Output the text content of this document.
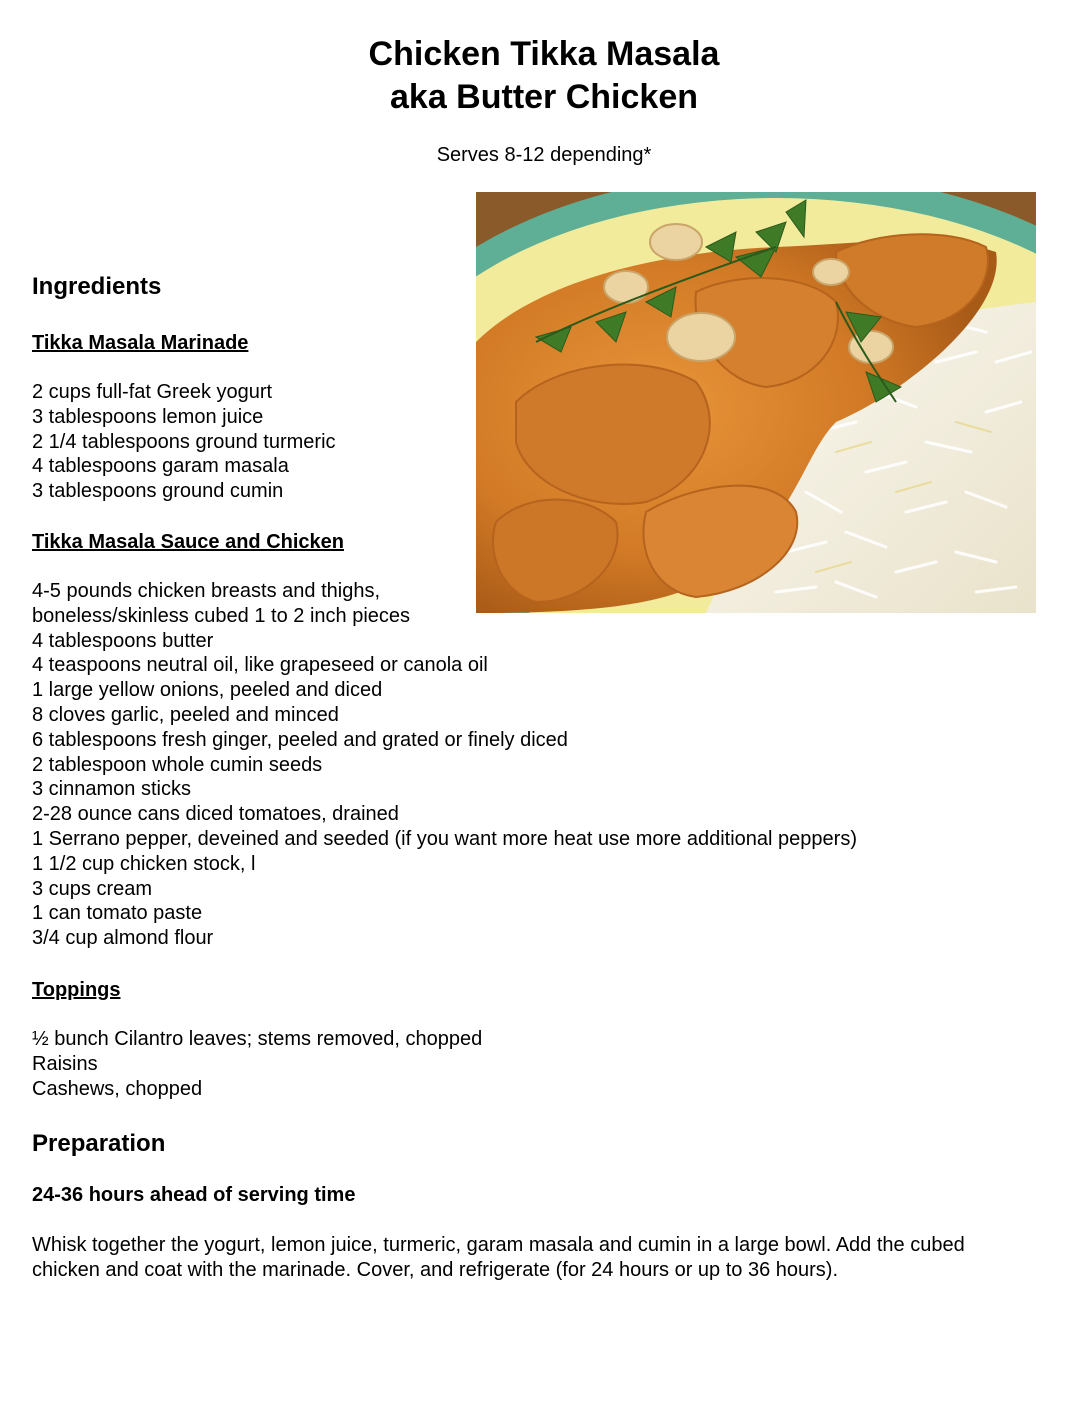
Chicken Tikka Masala
aka Butter Chicken
Serves 8-12 depending*
Ingredients
Tikka Masala Marinade
2 cups full-fat Greek yogurt
3 tablespoons lemon juice
2 1/4 tablespoons ground turmeric
4 tablespoons garam masala
3 tablespoons ground cumin
Tikka Masala Sauce and Chicken
4-5 pounds chicken breasts and thighs,
boneless/skinless cubed 1 to 2 inch pieces
4 tablespoons butter
4 teaspoons neutral oil, like grapeseed or canola oil
1 large yellow onions, peeled and diced
8 cloves garlic, peeled and minced
6 tablespoons fresh ginger, peeled and grated or finely diced
2 tablespoon whole cumin seeds
3 cinnamon sticks
2-28 ounce cans diced tomatoes, drained
1 Serrano pepper, deveined and seeded (if you want more heat use more additional peppers)
1 1/2 cup chicken stock, l
3 cups cream
1 can tomato paste
3/4 cup almond flour
Toppings
½ bunch Cilantro leaves; stems removed, chopped
Raisins
Cashews, chopped
Preparation
24-36 hours ahead of serving time
Whisk together the yogurt, lemon juice, turmeric, garam masala and cumin in a large bowl. Add the cubed chicken and coat with the marinade. Cover, and refrigerate (for 24 hours or up to 36 hours).
